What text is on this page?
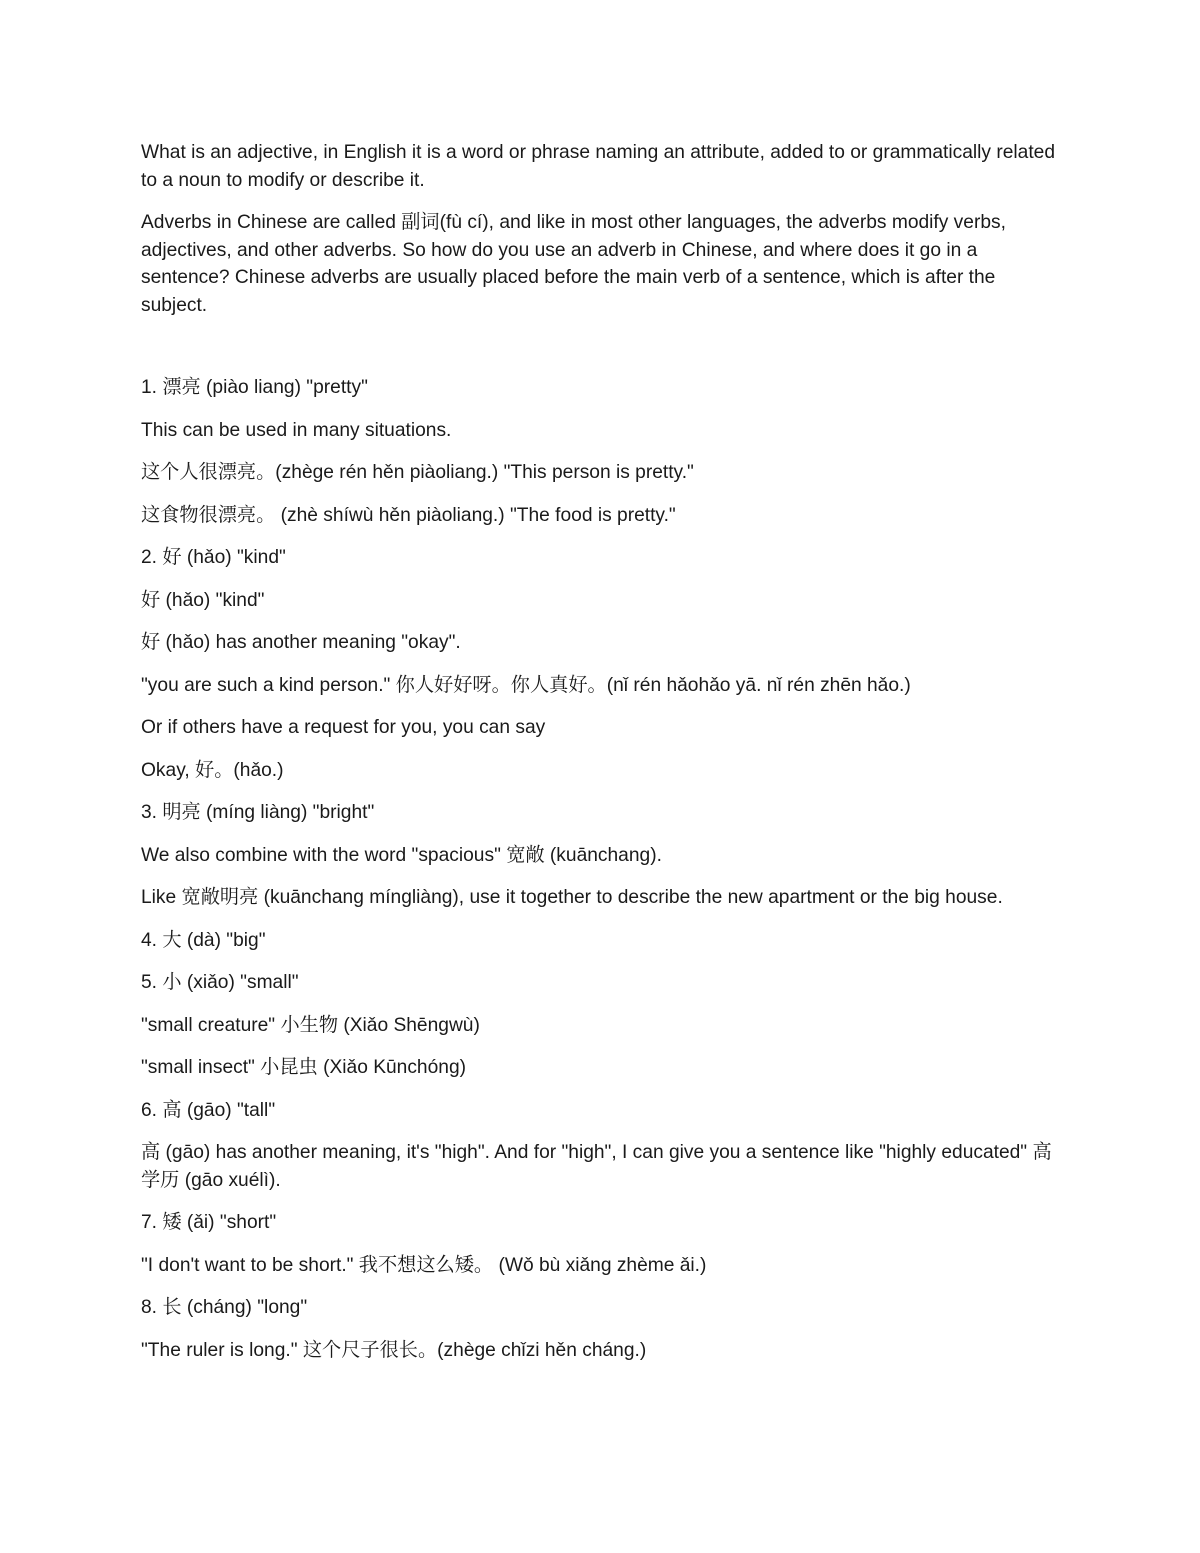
What is an adjective, in English it is a word or phrase naming an attribute, added to or grammatically related to a noun to modify or describe it.

Adverbs in Chinese are called 副词(fù cí), and like in most other languages, the adverbs modify verbs, adjectives, and other adverbs. So how do you use an adverb in Chinese, and where does it go in a sentence? Chinese adverbs are usually placed before the main verb of a sentence, which is after the subject.

1. 漂亮 (piào liang) "pretty"

This can be used in many situations.

这个人很漂亮。(zhège rén hěn piàoliang.) "This person is pretty."

这食物很漂亮。 (zhè shíwù hěn piàoliang.) "The food is pretty."

2. 好 (hǎo) "kind"

好 (hǎo) "kind"

好 (hǎo) has another meaning "okay".

"you are such a kind person." 你人好好呀。你人真好。(nǐ rén hǎohǎo yā. nǐ rén zhēn hǎo.)

Or if others have a request for you, you can say

Okay, 好。(hǎo.)

3. 明亮 (míng liàng) "bright"

We also combine with the word "spacious" 宽敞 (kuānchang).

Like 宽敞明亮 (kuānchang míngliàng), use it together to describe the new apartment or the big house.

4. 大 (dà) "big"

5. 小 (xiǎo) "small"

"small creature" 小生物 (Xiǎo Shēngwù)

"small insect" 小昆虫 (Xiǎo Kūnchóng)

6. 高 (gāo) "tall"

高 (gāo) has another meaning, it's "high". And for "high", I can give you a sentence like "highly educated" 高学历 (gāo xuélì).

7. 矮 (ǎi) "short"

"I don't want to be short." 我不想这么矮。 (Wǒ bù xiǎng zhème ǎi.)

8. 长 (cháng) "long"

"The ruler is long." 这个尺子很长。(zhège chǐzi hěn cháng.)
